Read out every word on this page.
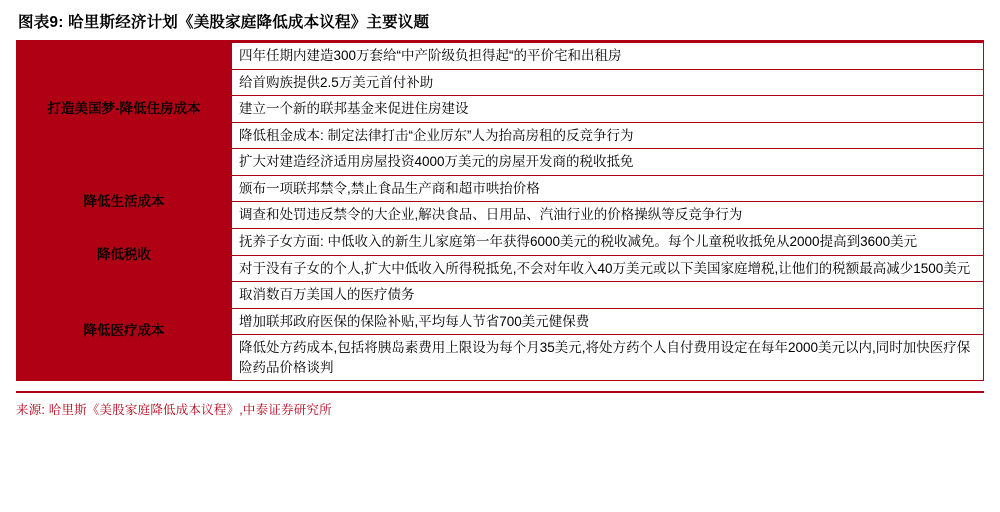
图表9: 哈里斯经济计划《美股家庭降低成本议程》主要议题
打造美国梦-降低住房成本	四年任期内建造300万套给“中产阶级负担得起“的平价宅和出租房
	给首购族提供2.5万美元首付补助
	建立一个新的联邦基金来促进住房建设
	降低租金成本: 制定法律打击“企业厉东”人为抬高房租的反竞争行为
	扩大对建造经济适用房屋投资4000万美元的房屋开发商的税收抵免
降低生活成本	颁布一项联邦禁令,禁止食品生产商和超市哄抬价格
	调查和处罚违反禁令的大企业,解决食品、日用品、汽油行业的价格操纵等反竞争行为
降低税收	抚养子女方面: 中低收入的新生儿家庭第一年获得6000美元的税收减免。每个儿童税收抵免从2000提高到3600美元
	对于没有子女的个人,扩大中低收入所得税抵免,不会对年收入40万美元或以下美国家庭增税,让他们的税额最高减少1500美元
降低医疗成本	取消数百万美国人的医疗债务
	增加联邦政府医保的保险补贴,平均每人节省700美元健保费
	降低处方药成本,包括将胰岛素费用上限设为每个月35美元,将处方药个人自付费用设定在每年2000美元以内,同时加快医疗保险药品价格谈判
来源: 哈里斯《美股家庭降低成本议程》,中泰证券研究所
